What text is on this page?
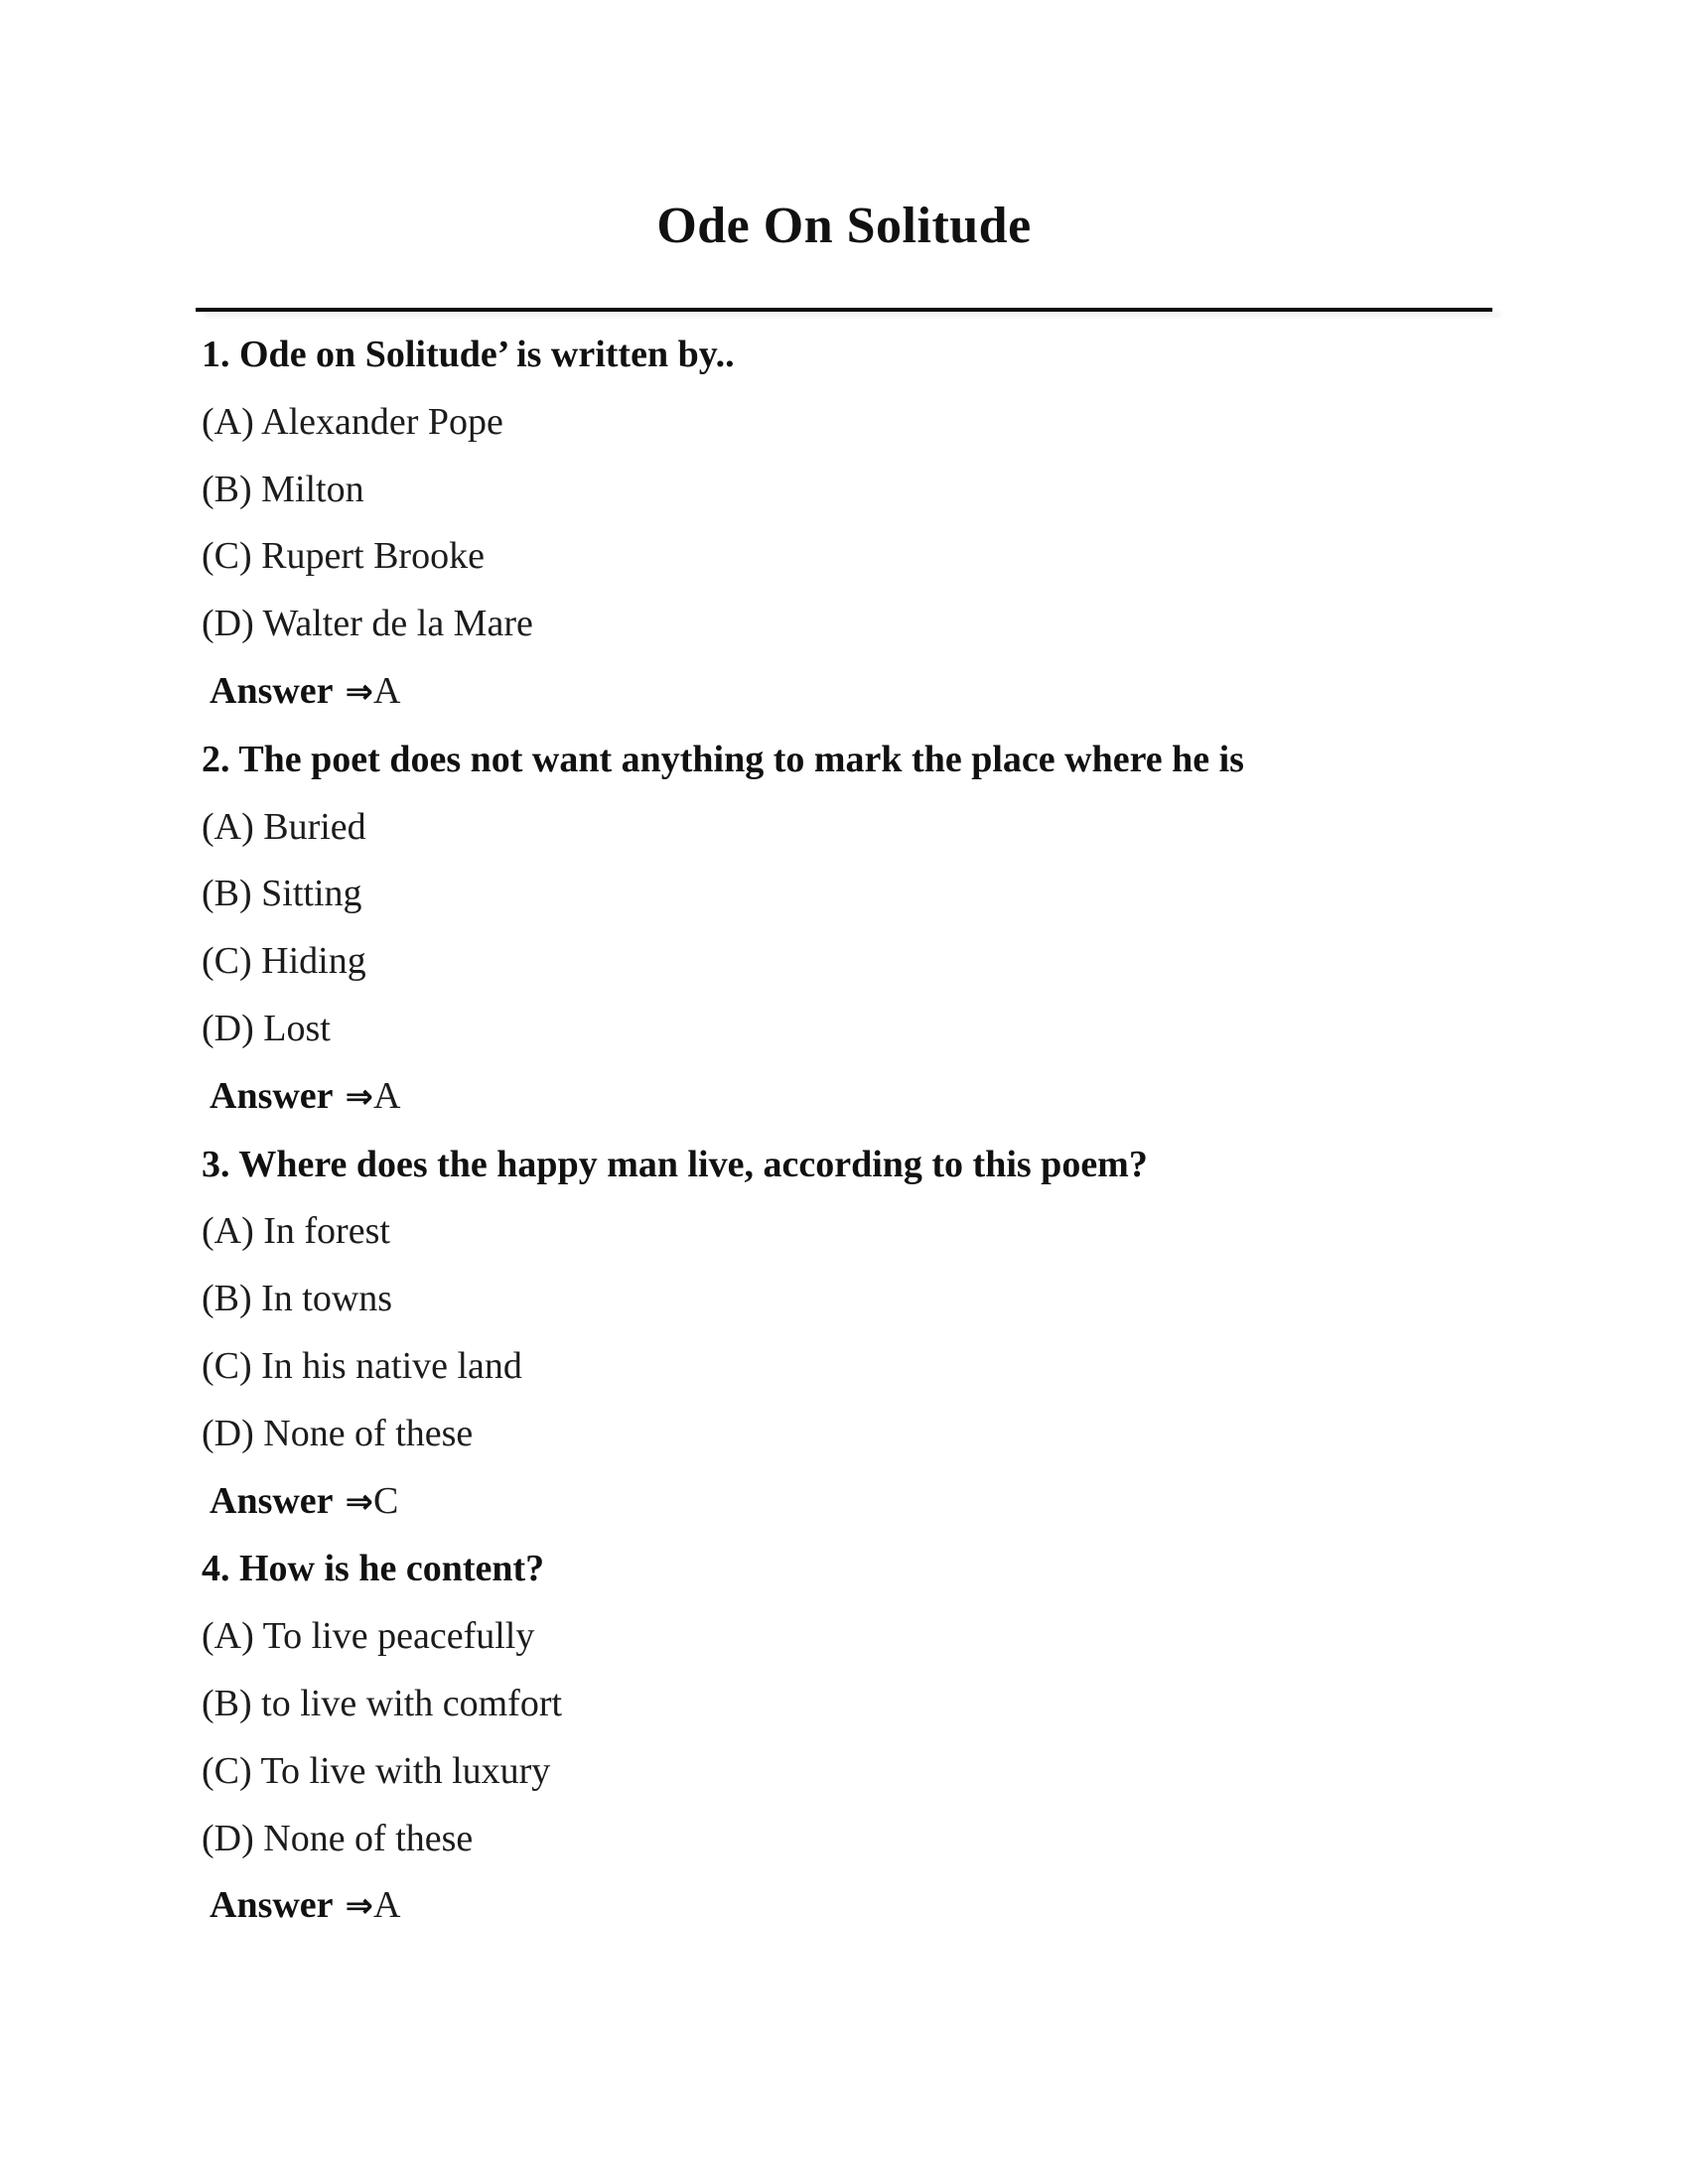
Ode On Solitude

1. Ode on Solitude’ is written by..

(A) Alexander Pope

(B) Milton

(C) Rupert Brooke

(D) Walter de la Mare

Answer ⇒A

2. The poet does not want anything to mark the place where he is

(A) Buried

(B) Sitting

(C) Hiding

(D) Lost

Answer ⇒A

3. Where does the happy man live, according to this poem?

(A) In forest

(B) In towns

(C) In his native land

(D) None of these

Answer ⇒C

4. How is he content?

(A) To live peacefully

(B) to live with comfort

(C) To live with luxury

(D) None of these

Answer ⇒A
